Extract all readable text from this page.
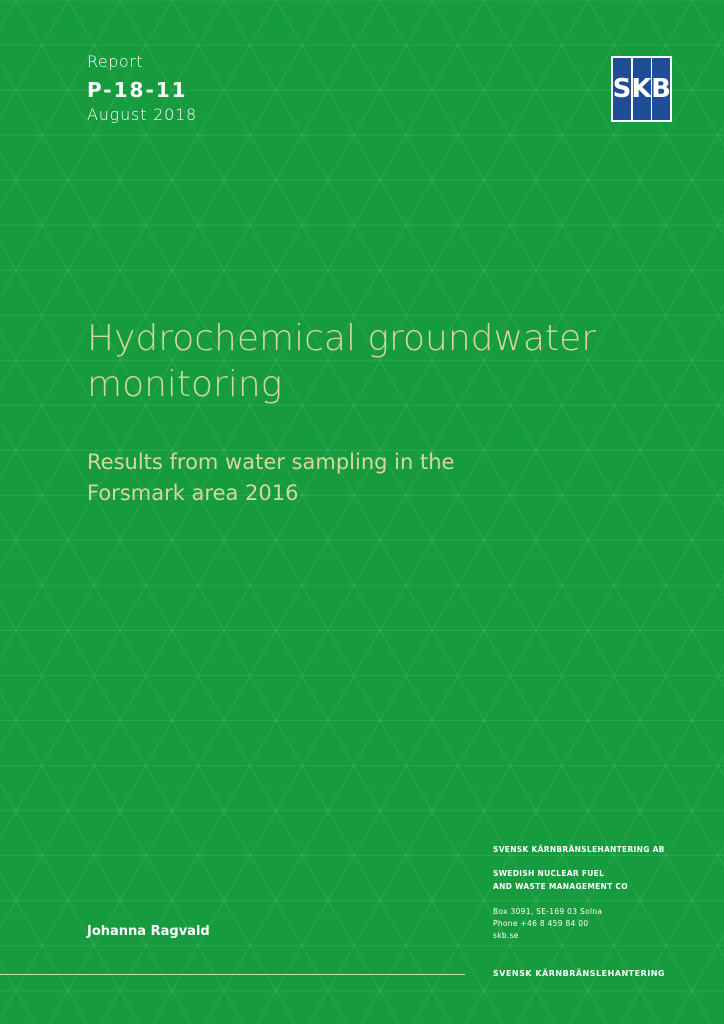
Report
P-18-11
August 2018
S K B
Hydrochemical groundwater
monitoring
Results from water sampling in the
Forsmark area 2016
Johanna Ragvald
SVENSK KÄRNBRÄNSLEHANTERING AB
SWEDISH NUCLEAR FUEL
AND WASTE MANAGEMENT CO
Box 3091, SE-169 03 Solna
Phone +46 8 459 84 00
skb.se
SVENSK KÄRNBRÄNSLEHANTERING
